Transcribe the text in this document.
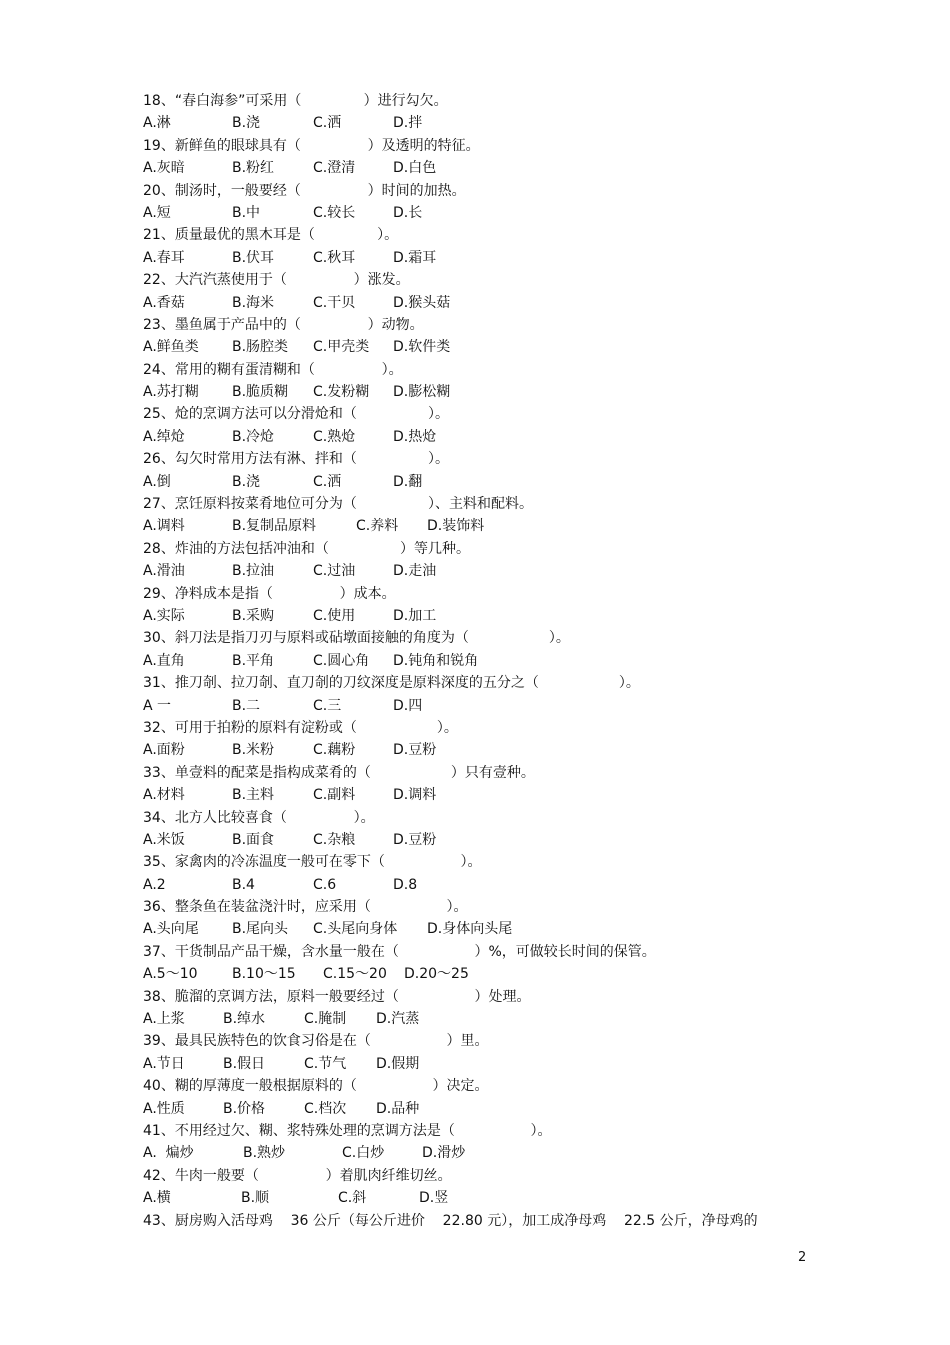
18、“春白海参”可采用（              ）进行勾欠。
A.淋	B.浇	C.洒	D.拌
19、新鲜鱼的眼球具有（               ）及透明的特征。
A.灰暗	B.粉红	C.澄清	D.白色
20、制汤时，一般要经（               ）时间的加热。
A.短	B.中	C.较长	D.长
21、质量最优的黑木耳是（              ）。
A.春耳	B.伏耳	C.秋耳	D.霜耳
22、大汽汽蒸使用于（               ）涨发。
A.香菇	B.海米	C.干贝	D.猴头菇
23、墨鱼属于产品中的（               ）动物。
A.鲜鱼类 B.肠腔类 C.甲壳类 D.软件类
24、常用的糊有蛋清糊和（               ）。
A.苏打糊 B.脆质糊 C.发粉糊 D.膨松糊
25、炝的烹调方法可以分滑炝和（                ）。
A.绰炝	B.冷炝	C.熟炝	D.热炝
26、勾欠时常用方法有淋、拌和（                ）。
A.倒	B.浇	C.洒	D.翻
27、烹饪原料按菜肴地位可分为（                ）、主料和配料。
A.调料	B.复制品原料	C.养料 D.装饰料
28、炸油的方法包括冲油和（                ）等几种。
A.滑油	B.拉油	C.过油	D.走油
29、净料成本是指（               ）成本。
A.实际	B.采购	C.使用	D.加工
30、斜刀法是指刀刃与原料或砧墩面接触的角度为（                  ）。
A.直角	B.平角	C.圆心角 D.钝角和锐角
31、推刀剞、拉刀剞、直刀剞的刀纹深度是原料深度的五分之（                  ）。
A 一	B.二	C.三	D.四
32、可用于拍粉的原料有淀粉或（                  ）。
A.面粉	B.米粉	C.藕粉	D.豆粉
33、单壹料的配菜是指构成菜肴的（                  ）只有壹种。
A.材料	B.主料	C.副料	D.调料
34、北方人比较喜食（               ）。
A.米饭	B.面食	C.杂粮	D.豆粉
35、家禽肉的冷冻温度一般可在零下（                 ）。
A.2	B.4	C.6	D.8
36、整条鱼在装盆浇汁时，应采用（                 ）。
A.头向尾 B.尾向头 C.头尾向身体 D.身体向头尾
37、干货制品产品干燥，含水量一般在（                 ）%，可做较长时间的保管。
A.5～10 B.10～15 C.15～20 D.20～25
38、脆溜的烹调方法，原料一般要经过（                 ）处理。
A.上浆	B.绰水	C.腌制 D.汽蒸
39、最具民族特色的饮食习俗是在（                 ）里。
A.节日	B.假日	C.节气 D.假期
40、糊的厚薄度一般根据原料的（                 ）决定。
A.性质	B.价格	C.档次 D.品种
41、不用经过欠、糊、浆特殊处理的烹调方法是（                 ）。
A.  煸炒	B.熟炒	C.白炒	D.滑炒
42、牛肉一般要（               ）着肌肉纤维切丝。
A.横	B.顺	C.斜	D.竖
43、厨房购入活母鸡    36 公斤（每公斤进价    22.80 元），加工成净母鸡    22.5 公斤，净母鸡的
2
